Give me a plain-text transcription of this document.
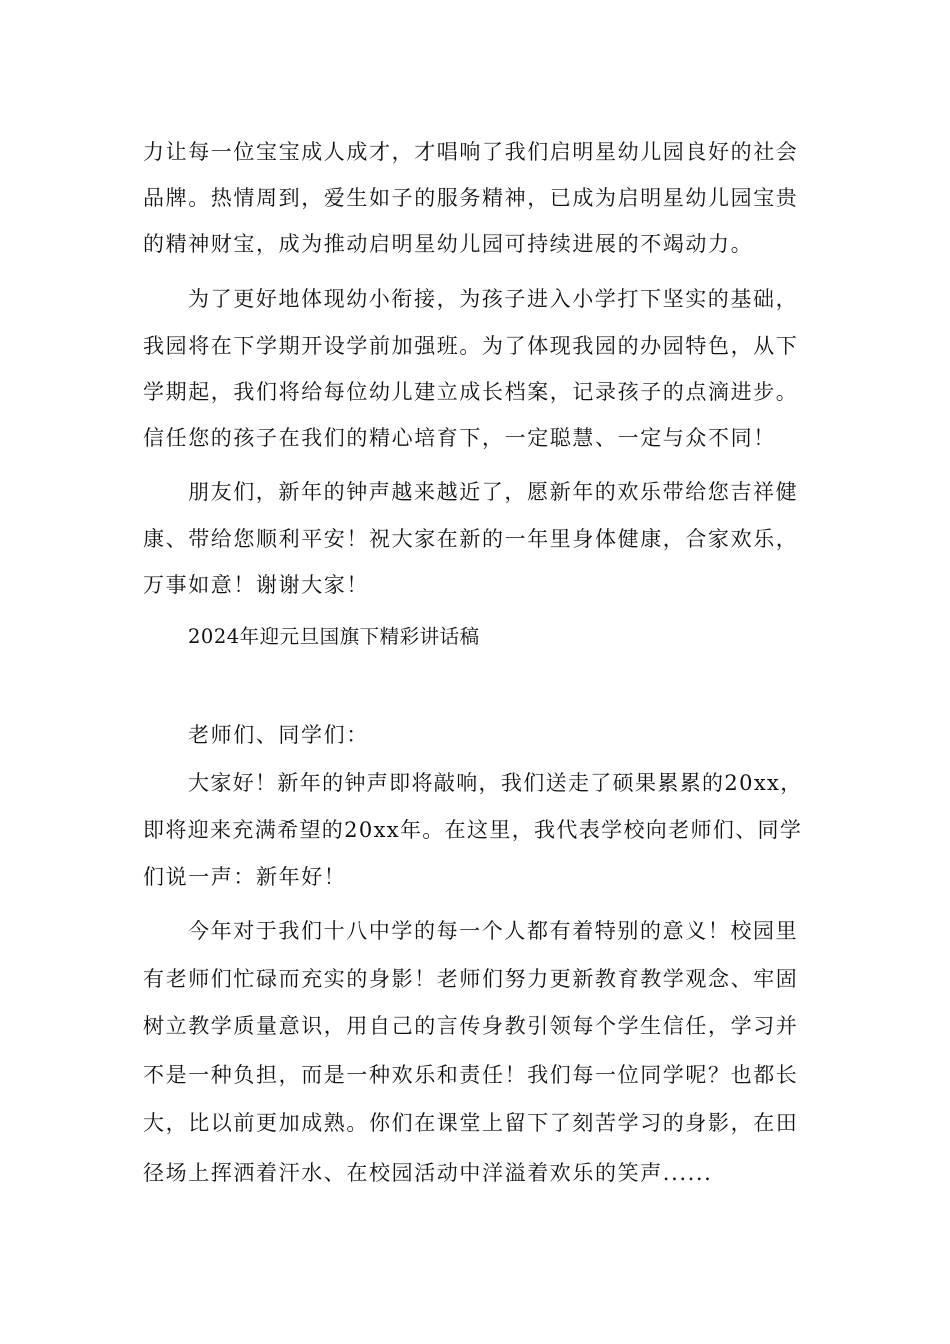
力让每一位宝宝成人成才，才唱响了我们启明星幼儿园良好的社会
品牌。热情周到，爱生如子的服务精神，已成为启明星幼儿园宝贵
的精神财宝，成为推动启明星幼儿园可持续进展的不竭动力。
为了更好地体现幼小衔接，为孩子进入小学打下坚实的基础，
我园将在下学期开设学前加强班。为了体现我园的办园特色，从下
学期起，我们将给每位幼儿建立成长档案，记录孩子的点滴进步。
信任您的孩子在我们的精心培育下，一定聪慧、一定与众不同！
朋友们，新年的钟声越来越近了，愿新年的欢乐带给您吉祥健
康、带给您顺利平安！祝大家在新的一年里身体健康，合家欢乐，
万事如意！谢谢大家！
2024年迎元旦国旗下精彩讲话稿
老师们、同学们：
大家好！新年的钟声即将敲响，我们送走了硕果累累的20xx，
即将迎来充满希望的20xx年。在这里，我代表学校向老师们、同学
们说一声：新年好！
今年对于我们十八中学的每一个人都有着特别的意义！校园里
有老师们忙碌而充实的身影！老师们努力更新教育教学观念、牢固
树立教学质量意识，用自己的言传身教引领每个学生信任，学习并
不是一种负担，而是一种欢乐和责任！我们每一位同学呢？也都长
大，比以前更加成熟。你们在课堂上留下了刻苦学习的身影，在田
径场上挥洒着汗水、在校园活动中洋溢着欢乐的笑声......
